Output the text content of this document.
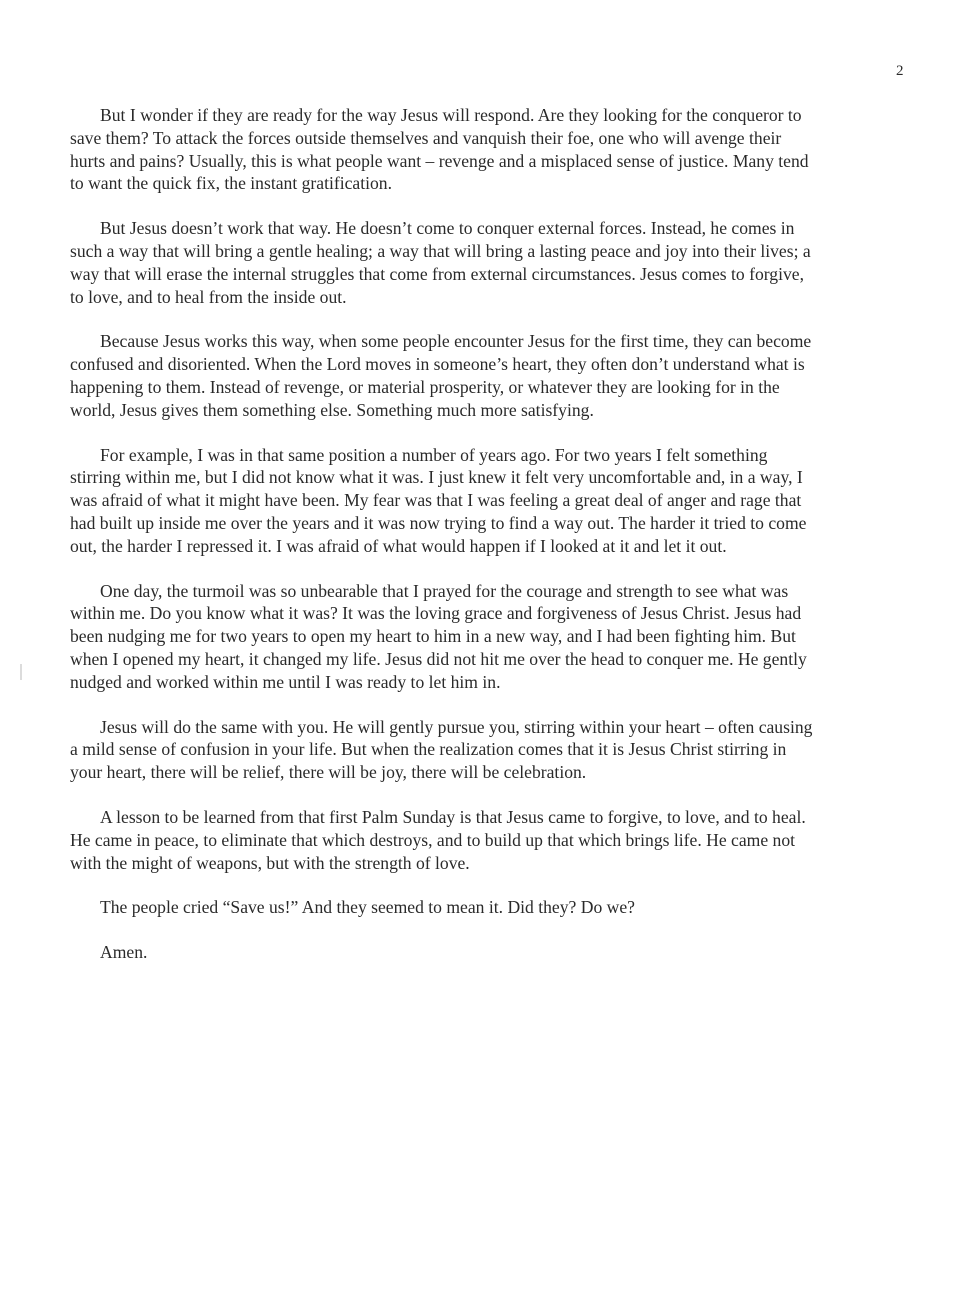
2

But I wonder if they are ready for the way Jesus will respond. Are they looking for the conqueror to
save them? To attack the forces outside themselves and vanquish their foe, one who will avenge their
hurts and pains? Usually, this is what people want – revenge and a misplaced sense of justice. Many tend
to want the quick fix, the instant gratification.

But Jesus doesn’t work that way. He doesn’t come to conquer external forces. Instead, he comes in
such a way that will bring a gentle healing; a way that will bring a lasting peace and joy into their lives; a
way that will erase the internal struggles that come from external circumstances. Jesus comes to forgive,
to love, and to heal from the inside out.

Because Jesus works this way, when some people encounter Jesus for the first time, they can become
confused and disoriented. When the Lord moves in someone’s heart, they often don’t understand what is
happening to them. Instead of revenge, or material prosperity, or whatever they are looking for in the
world, Jesus gives them something else. Something much more satisfying.

For example, I was in that same position a number of years ago. For two years I felt something
stirring within me, but I did not know what it was. I just knew it felt very uncomfortable and, in a way, I
was afraid of what it might have been. My fear was that I was feeling a great deal of anger and rage that
had built up inside me over the years and it was now trying to find a way out. The harder it tried to come
out, the harder I repressed it. I was afraid of what would happen if I looked at it and let it out.

One day, the turmoil was so unbearable that I prayed for the courage and strength to see what was
within me. Do you know what it was? It was the loving grace and forgiveness of Jesus Christ. Jesus had
been nudging me for two years to open my heart to him in a new way, and I had been fighting him. But
when I opened my heart, it changed my life. Jesus did not hit me over the head to conquer me. He gently
nudged and worked within me until I was ready to let him in.

Jesus will do the same with you. He will gently pursue you, stirring within your heart – often causing
a mild sense of confusion in your life. But when the realization comes that it is Jesus Christ stirring in
your heart, there will be relief, there will be joy, there will be celebration.

A lesson to be learned from that first Palm Sunday is that Jesus came to forgive, to love, and to heal.
He came in peace, to eliminate that which destroys, and to build up that which brings life. He came not
with the might of weapons, but with the strength of love.

The people cried “Save us!” And they seemed to mean it. Did they? Do we?

Amen.
